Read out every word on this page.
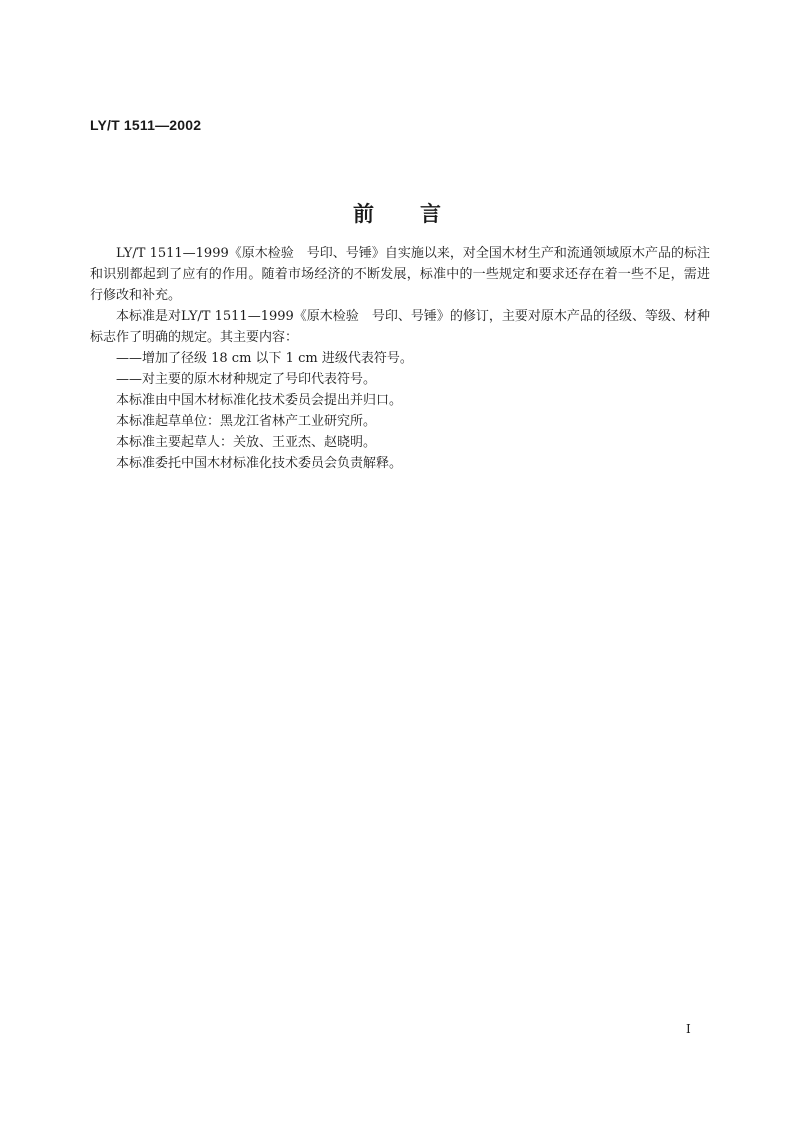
LY/T 1511—2002
前言

LY/T 1511—1999《原木检验　号印、号锤》自实施以来，对全国木材生产和流通领域原木产品的标注和识别都起到了应有的作用。随着市场经济的不断发展，标准中的一些规定和要求还存在着一些不足，需进行修改和补充。

本标准是对LY/T 1511—1999《原木检验　号印、号锤》的修订，主要对原木产品的径级、等级、材种标志作了明确的规定。其主要内容：

——增加了径级 18 cm 以下 1 cm 进级代表符号。

——对主要的原木材种规定了号印代表符号。

本标准由中国木材标准化技术委员会提出并归口。

本标准起草单位：黑龙江省林产工业研究所。

本标准主要起草人：关放、王亚杰、赵晓明。

本标准委托中国木材标准化技术委员会负责解释。

I
